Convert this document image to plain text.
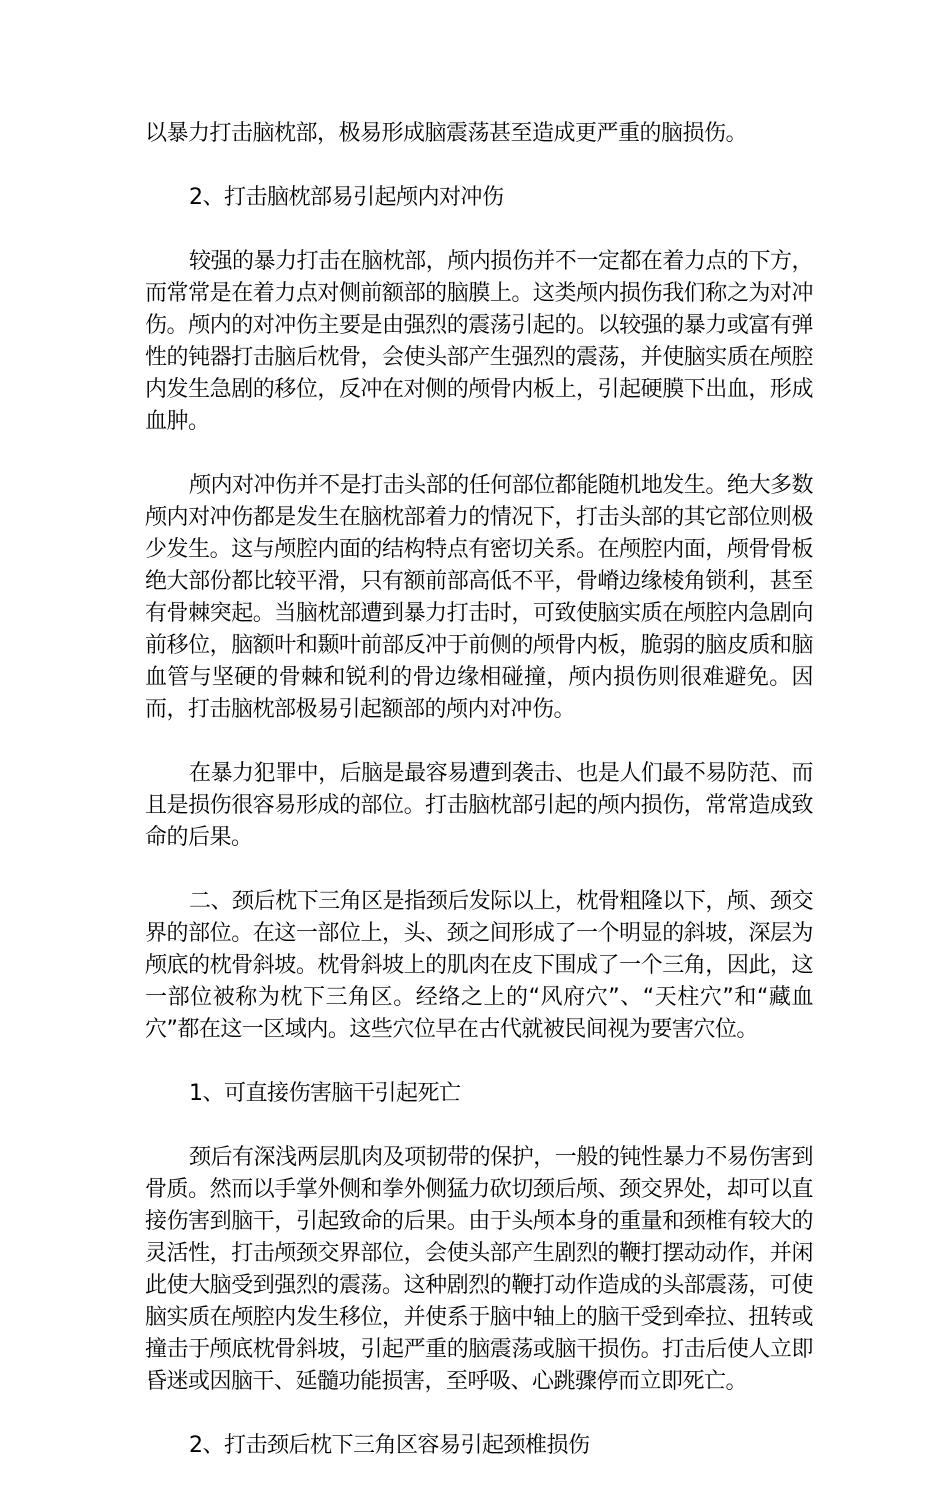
以暴力打击脑枕部，极易形成脑震荡甚至造成更严重的脑损伤。

2、打击脑枕部易引起颅内对冲伤

较强的暴力打击在脑枕部，颅内损伤并不一定都在着力点的下方，而常常是在着力点对侧前额部的脑膜上。这类颅内损伤我们称之为对冲伤。颅内的对冲伤主要是由强烈的震荡引起的。以较强的暴力或富有弹性的钝器打击脑后枕骨，会使头部产生强烈的震荡，并使脑实质在颅腔内发生急剧的移位，反冲在对侧的颅骨内板上，引起硬膜下出血，形成血肿。

颅内对冲伤并不是打击头部的任何部位都能随机地发生。绝大多数颅内对冲伤都是发生在脑枕部着力的情况下，打击头部的其它部位则极少发生。这与颅腔内面的结构特点有密切关系。在颅腔内面，颅骨骨板绝大部份都比较平滑，只有额前部高低不平，骨嵴边缘棱角锁利，甚至有骨棘突起。当脑枕部遭到暴力打击时，可致使脑实质在颅腔内急剧向前移位，脑额叶和颞叶前部反冲于前侧的颅骨内板，脆弱的脑皮质和脑血管与坚硬的骨棘和锐利的骨边缘相碰撞，颅内损伤则很难避免。因而，打击脑枕部极易引起额部的颅内对冲伤。

在暴力犯罪中，后脑是最容易遭到袭击、也是人们最不易防范、而且是损伤很容易形成的部位。打击脑枕部引起的颅内损伤，常常造成致命的后果。

二、颈后枕下三角区是指颈后发际以上，枕骨粗隆以下，颅、颈交界的部位。在这一部位上，头、颈之间形成了一个明显的斜坡，深层为颅底的枕骨斜坡。枕骨斜坡上的肌肉在皮下围成了一个三角，因此，这一部位被称为枕下三角区。经络之上的“风府穴”、“天柱穴”和“藏血穴”都在这一区域内。这些穴位早在古代就被民间视为要害穴位。

1、可直接伤害脑干引起死亡

颈后有深浅两层肌肉及项韧带的保护，一般的钝性暴力不易伤害到骨质。然而以手掌外侧和拳外侧猛力砍切颈后颅、颈交界处，却可以直接伤害到脑干，引起致命的后果。由于头颅本身的重量和颈椎有较大的灵活性，打击颅颈交界部位，会使头部产生剧烈的鞭打摆动动作，并闲此使大脑受到强烈的震荡。这种剧烈的鞭打动作造成的头部震荡，可使脑实质在颅腔内发生移位，并使系于脑中轴上的脑干受到牵拉、扭转或撞击于颅底枕骨斜坡，引起严重的脑震荡或脑干损伤。打击后使人立即昏迷或因脑干、延髓功能损害，至呼吸、心跳骤停而立即死亡。

2、打击颈后枕下三角区容易引起颈椎损伤
